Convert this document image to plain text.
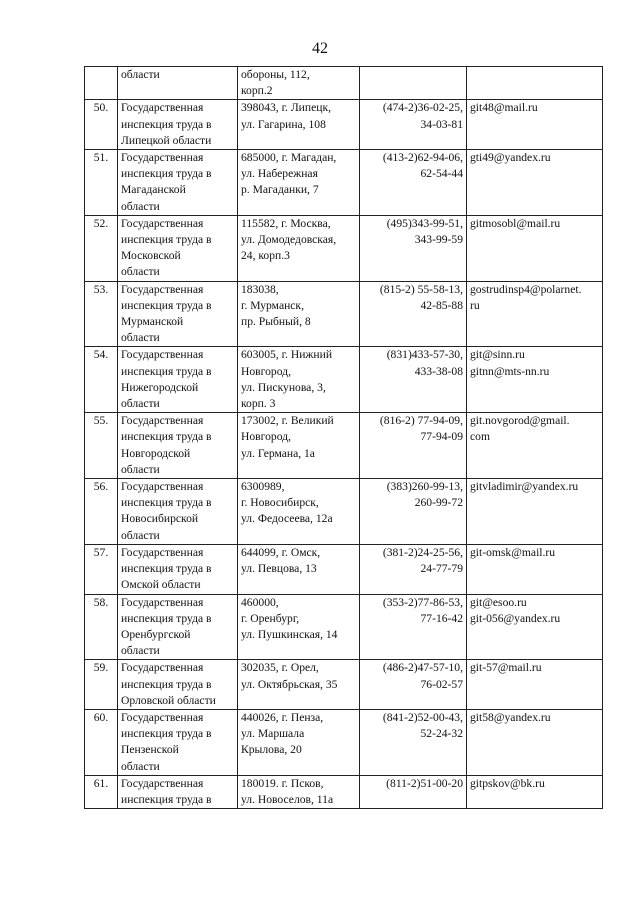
42

	области	обороны, 112,
корп.2		

50.	Государственная
инспекция труда в
Липецкой области	398043, г. Липецк,
ул. Гагарина, 108	(474-2)36-02-25,
34-03-81	git48@mail.ru

51.	Государственная
инспекция труда в
Магаданской
области	685000, г. Магадан,
ул. Набережная
р. Магаданки, 7	(413-2)62-94-06,
62-54-44	gti49@yandex.ru

52.	Государственная
инспекция труда в
Московской
области	115582, г. Москва,
ул. Домодедовская,
24, корп.3	(495)343-99-51,
343-99-59	gitmosobl@mail.ru

53.	Государственная
инспекция труда в
Мурманской
области	183038,
г. Мурманск,
пр. Рыбный, 8	(815-2) 55-58-13,
42-85-88	gostrudinsp4@polarnet.
ru

54.	Государственная
инспекция труда в
Нижегородской
области	603005, г. Нижний
Новгород,
ул. Пискунова, 3,
корп. 3	(831)433-57-30,
433-38-08	git@sinn.ru
gitnn@mts-nn.ru

55.	Государственная
инспекция труда в
Новгородской
области	173002, г. Великий
Новгород,
ул. Германа, 1а	(816-2) 77-94-09,
77-94-09	git.novgorod@gmail.
com

56.	Государственная
инспекция труда в
Новосибирской
области	6300989,
г. Новосибирск,
ул. Федосеева, 12а	(383)260-99-13,
260-99-72	gitvladimir@yandex.ru

57.	Государственная
инспекция труда в
Омской области	644099, г. Омск,
ул. Певцова, 13	(381-2)24-25-56,
24-77-79	git-omsk@mail.ru

58.	Государственная
инспекция труда в
Оренбургской
области	460000,
г. Оренбург,
ул. Пушкинская, 14	(353-2)77-86-53,
77-16-42	git@esoo.ru
git-056@yandex.ru

59.	Государственная
инспекция труда в
Орловской области	302035, г. Орел,
ул. Октябрьская, 35	(486-2)47-57-10,
76-02-57	git-57@mail.ru

60.	Государственная
инспекция труда в
Пензенской
области	440026, г. Пенза,
ул. Маршала
Крылова, 20	(841-2)52-00-43,
52-24-32	git58@yandex.ru

61.	Государственная
инспекция труда в	180019. г. Псков,
ул. Новоселов, 11а	(811-2)51-00-20	gitpskov@bk.ru
